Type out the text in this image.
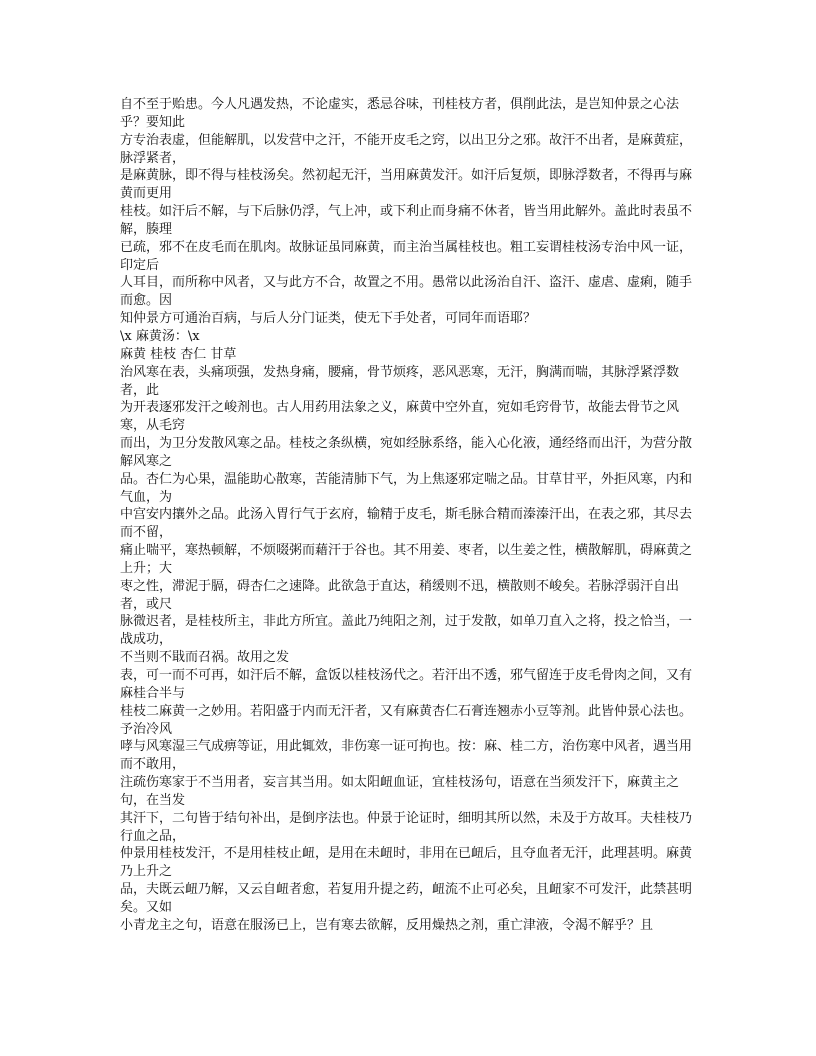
自不至于贻患。今人凡遇发热，不论虚实，悉忌谷味，刊桂枝方者，俱削此法，是岂知仲景之心法乎？要知此
方专治表虚，但能解肌，以发营中之汗，不能开皮毛之窍，以出卫分之邪。故汗不出者，是麻黄症，脉浮紧者，
是麻黄脉，即不得与桂枝汤矣。然初起无汗，当用麻黄发汗。如汗后复烦，即脉浮数者，不得再与麻黄而更用
桂枝。如汗后不解，与下后脉仍浮，气上冲，或下利止而身痛不休者，皆当用此解外。盖此时表虽不解，腠理
已疏，邪不在皮毛而在肌肉。故脉证虽同麻黄，而主治当属桂枝也。粗工妄谓桂枝汤专治中风一证，印定后
人耳目，而所称中风者，又与此方不合，故置之不用。愚常以此汤治自汗、盗汗、虚虐、虚痢，随手而愈。因
知仲景方可通治百病，与后人分门证类，使无下手处者，可同年而语耶？
\x 麻黄汤：\x
麻黄 桂枝 杏仁 甘草
治风寒在表，头痛项强，发热身痛，腰痛，骨节烦疼，恶风恶寒，无汗，胸满而喘，其脉浮紧浮数者，此
为开表逐邪发汗之峻剂也。古人用药用法象之义，麻黄中空外直，宛如毛窍骨节，故能去骨节之风寒，从毛窍
而出，为卫分发散风寒之品。桂枝之条纵横，宛如经脉系络，能入心化液，通经络而出汗，为营分散解风寒之
品。杏仁为心果，温能助心散寒，苦能清肺下气，为上焦逐邪定喘之品。甘草甘平，外拒风寒，内和气血，为
中宫安内攘外之品。此汤入胃行气于玄府，输精于皮毛，斯毛脉合精而溱溱汗出，在表之邪，其尽去而不留，
痛止喘平，寒热顿解，不烦啜粥而藉汗于谷也。其不用姜、枣者，以生姜之性，横散解肌，碍麻黄之上升；大
枣之性，滞泥于膈，碍杏仁之速降。此欲急于直达，稍缓则不迅，横散则不峻矣。若脉浮弱汗自出者，或尺
脉微迟者，是桂枝所主，非此方所宜。盖此乃纯阳之剂，过于发散，如单刀直入之将，投之恰当，一战成功，
不当则不戢而召祸。故用之发
表，可一而不可再，如汗后不解，盒饭以桂枝汤代之。若汗出不透，邪气留连于皮毛骨肉之间，又有麻桂合半与
桂枝二麻黄一之妙用。若阳盛于内而无汗者，又有麻黄杏仁石膏连翘赤小豆等剂。此皆仲景心法也。予治冷风
哮与风寒湿三气成痹等证，用此辄效，非伤寒一证可拘也。按：麻、桂二方，治伤寒中风者，遇当用而不敢用，
注疏伤寒家于不当用者，妄言其当用。如太阳衄血证，宜桂枝汤句，语意在当须发汗下，麻黄主之句，在当发
其汗下，二句皆于结句补出，是倒序法也。仲景于论证时，细明其所以然，未及于方故耳。夫桂枝乃行血之品，
仲景用桂枝发汗，不是用桂枝止衄，是用在未衄时，非用在已衄后，且夺血者无汗，此理甚明。麻黄乃上升之
品，夫既云衄乃解，又云自衄者愈，若复用升提之药，衄流不止可必矣，且衄家不可发汗，此禁甚明矣。又如
小青龙主之句，语意在服汤已上，岂有寒去欲解，反用燥热之剂，重亡津液，令渴不解乎？且
